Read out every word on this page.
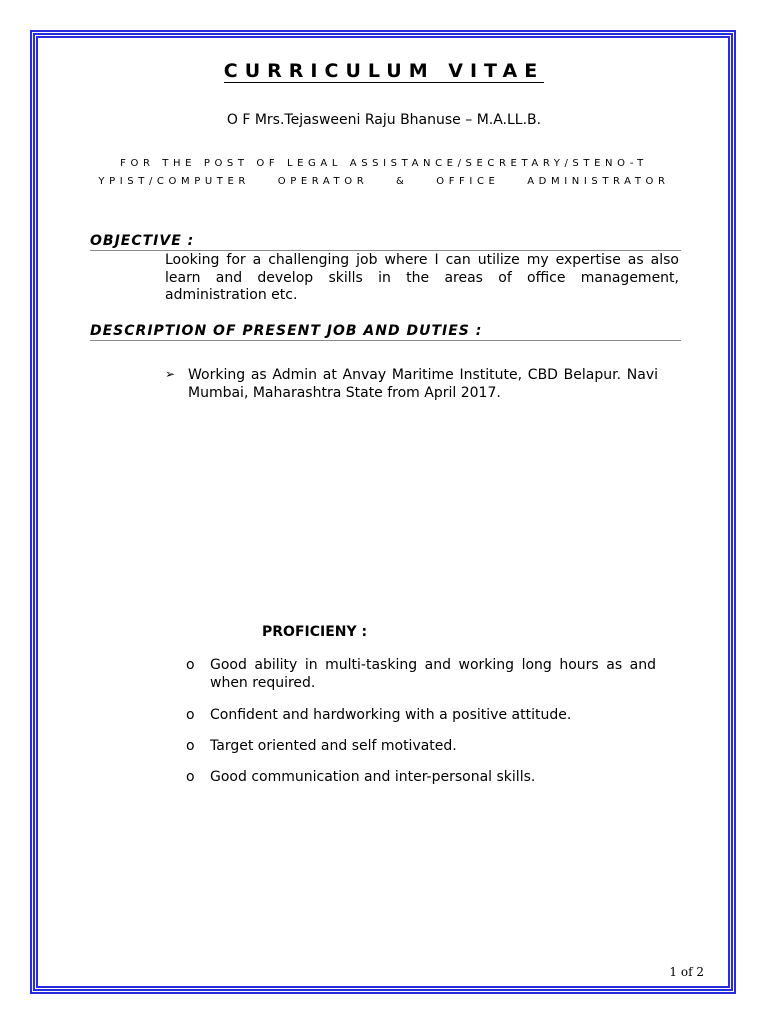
CURRICULUM VITAE
O F Mrs.Tejasweeni Raju Bhanuse – M.A.LL.B.
FOR THE POST OF LEGAL ASSISTANCE/SECRETARY/STENO-T
YPIST/COMPUTER OPERATOR & OFFICE ADMINISTRATOR
OBJECTIVE :
Looking for a challenging job where I can utilize my expertise as also learn and develop skills in the areas of office management, administration etc.
DESCRIPTION OF PRESENT JOB AND DUTIES :
➢ Working as Admin at Anvay Maritime Institute, CBD Belapur. Navi Mumbai, Maharashtra State from April 2017.
PROFICIENY :
o Good ability in multi-tasking and working long hours as and when required.
o Confident and hardworking with a positive attitude.
o Target oriented and self motivated.
o Good communication and inter-personal skills.
1 of 2
